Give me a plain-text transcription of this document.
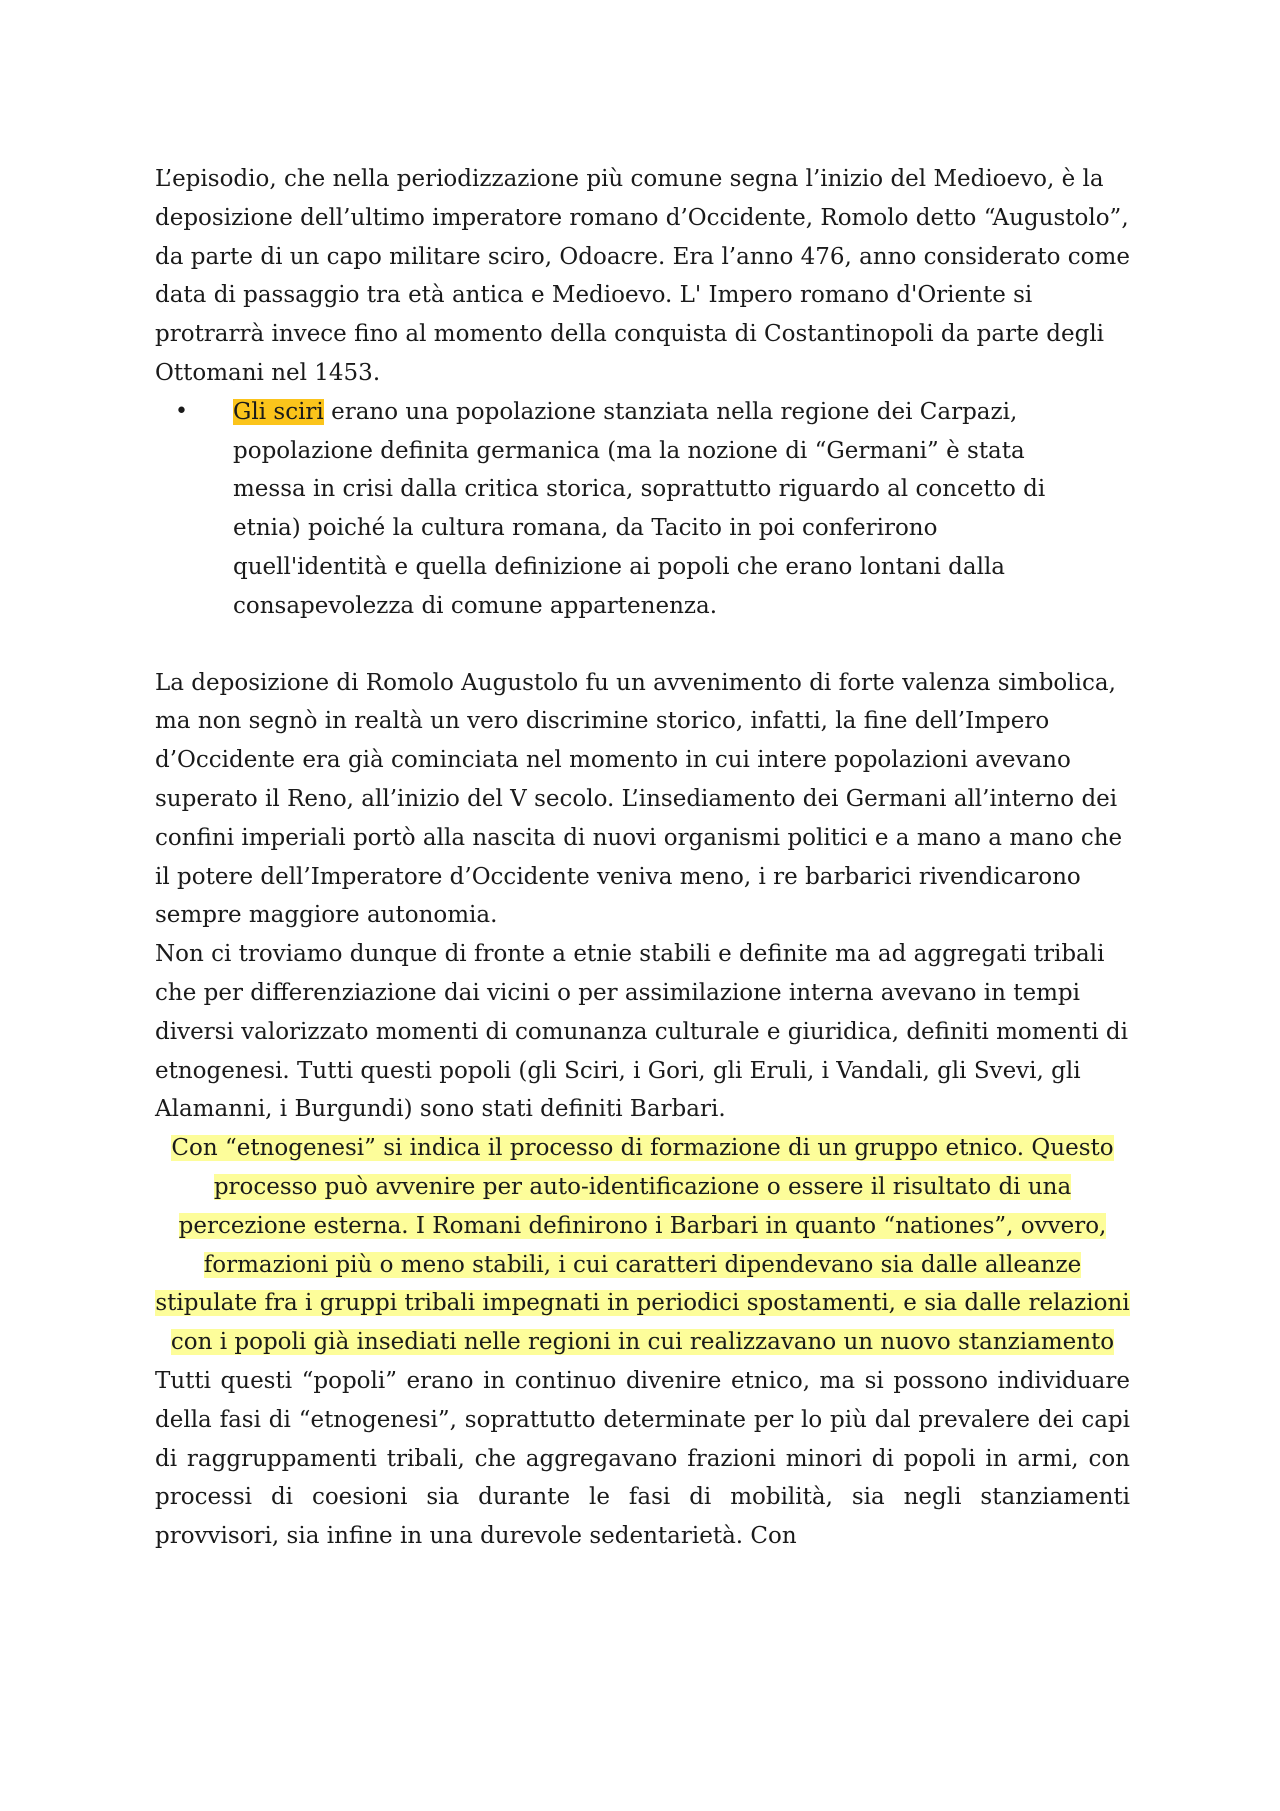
L’episodio, che nella periodizzazione più comune segna l’inizio del Medioevo, è la deposizione dell’ultimo imperatore romano d’Occidente, Romolo detto “Augustolo”, da parte di un capo militare sciro, Odoacre. Era l’anno 476, anno considerato come data di passaggio tra età antica e Medioevo. L' Impero romano d'Oriente si protrarrà invece fino al momento della conquista di Costantinopoli da parte degli Ottomani nel 1453.

• Gli sciri erano una popolazione stanziata nella regione dei Carpazi, popolazione definita germanica (ma la nozione di “Germani” è stata messa in crisi dalla critica storica, soprattutto riguardo al concetto di etnia) poiché la cultura romana, da Tacito in poi conferirono quell'identità e quella definizione ai popoli che erano lontani dalla consapevolezza di comune appartenenza.

La deposizione di Romolo Augustolo fu un avvenimento di forte valenza simbolica, ma non segnò in realtà un vero discrimine storico, infatti, la fine dell’Impero d’Occidente era già cominciata nel momento in cui intere popolazioni avevano superato il Reno, all’inizio del V secolo. L’insediamento dei Germani all’interno dei confini imperiali portò alla nascita di nuovi organismi politici e a mano a mano che il potere dell’Imperatore d’Occidente veniva meno, i re barbarici rivendicarono sempre maggiore autonomia.

Non ci troviamo dunque di fronte a etnie stabili e definite ma ad aggregati tribali che per differenziazione dai vicini o per assimilazione interna avevano in tempi diversi valorizzato momenti di comunanza culturale e giuridica, definiti momenti di etnogenesi. Tutti questi popoli (gli Sciri, i Gori, gli Eruli, i Vandali, gli Svevi, gli Alamanni, i Burgundi) sono stati definiti Barbari.

Con “etnogenesi” si indica il processo di formazione di un gruppo etnico. Questo processo può avvenire per auto-identificazione o essere il risultato di una percezione esterna. I Romani definirono i Barbari in quanto “nationes”, ovvero, formazioni più o meno stabili, i cui caratteri dipendevano sia dalle alleanze stipulate fra i gruppi tribali impegnati in periodici spostamenti, e sia dalle relazioni con i popoli già insediati nelle regioni in cui realizzavano un nuovo stanziamento

Tutti questi “popoli” erano in continuo divenire etnico, ma si possono individuare della fasi di “etnogenesi”, soprattutto determinate per lo più dal prevalere dei capi di raggruppamenti tribali, che aggregavano frazioni minori di popoli in armi, con processi di coesioni sia durante le fasi di mobilità, sia negli stanziamenti provvisori, sia infine in una durevole sedentarietà. Con
